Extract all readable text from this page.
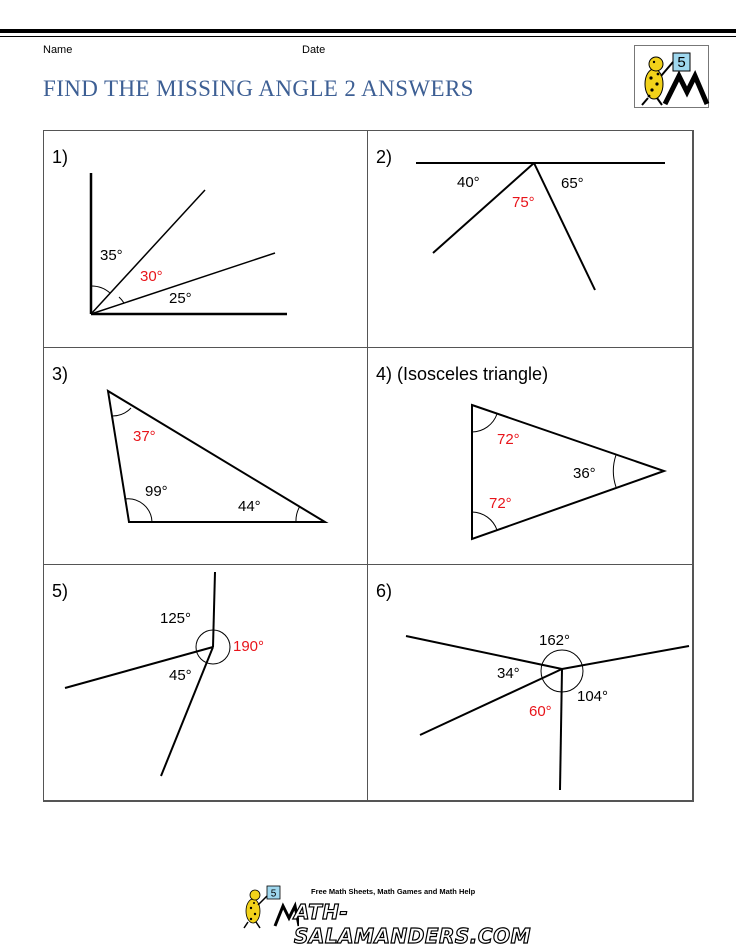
Name	Date
FIND THE MISSING ANGLE 2 ANSWERS
5
1)
35°
30°
25°
2)
40°
75°
65°
3)
37°
99°
44°
4) (Isosceles triangle)
72°
36°
72°
5)
125°
190°
45°
6)
162°
34°
104°
60°
5	Free Math Sheets, Math Games and Math Help
ATH-SALAMANDERS.COM
